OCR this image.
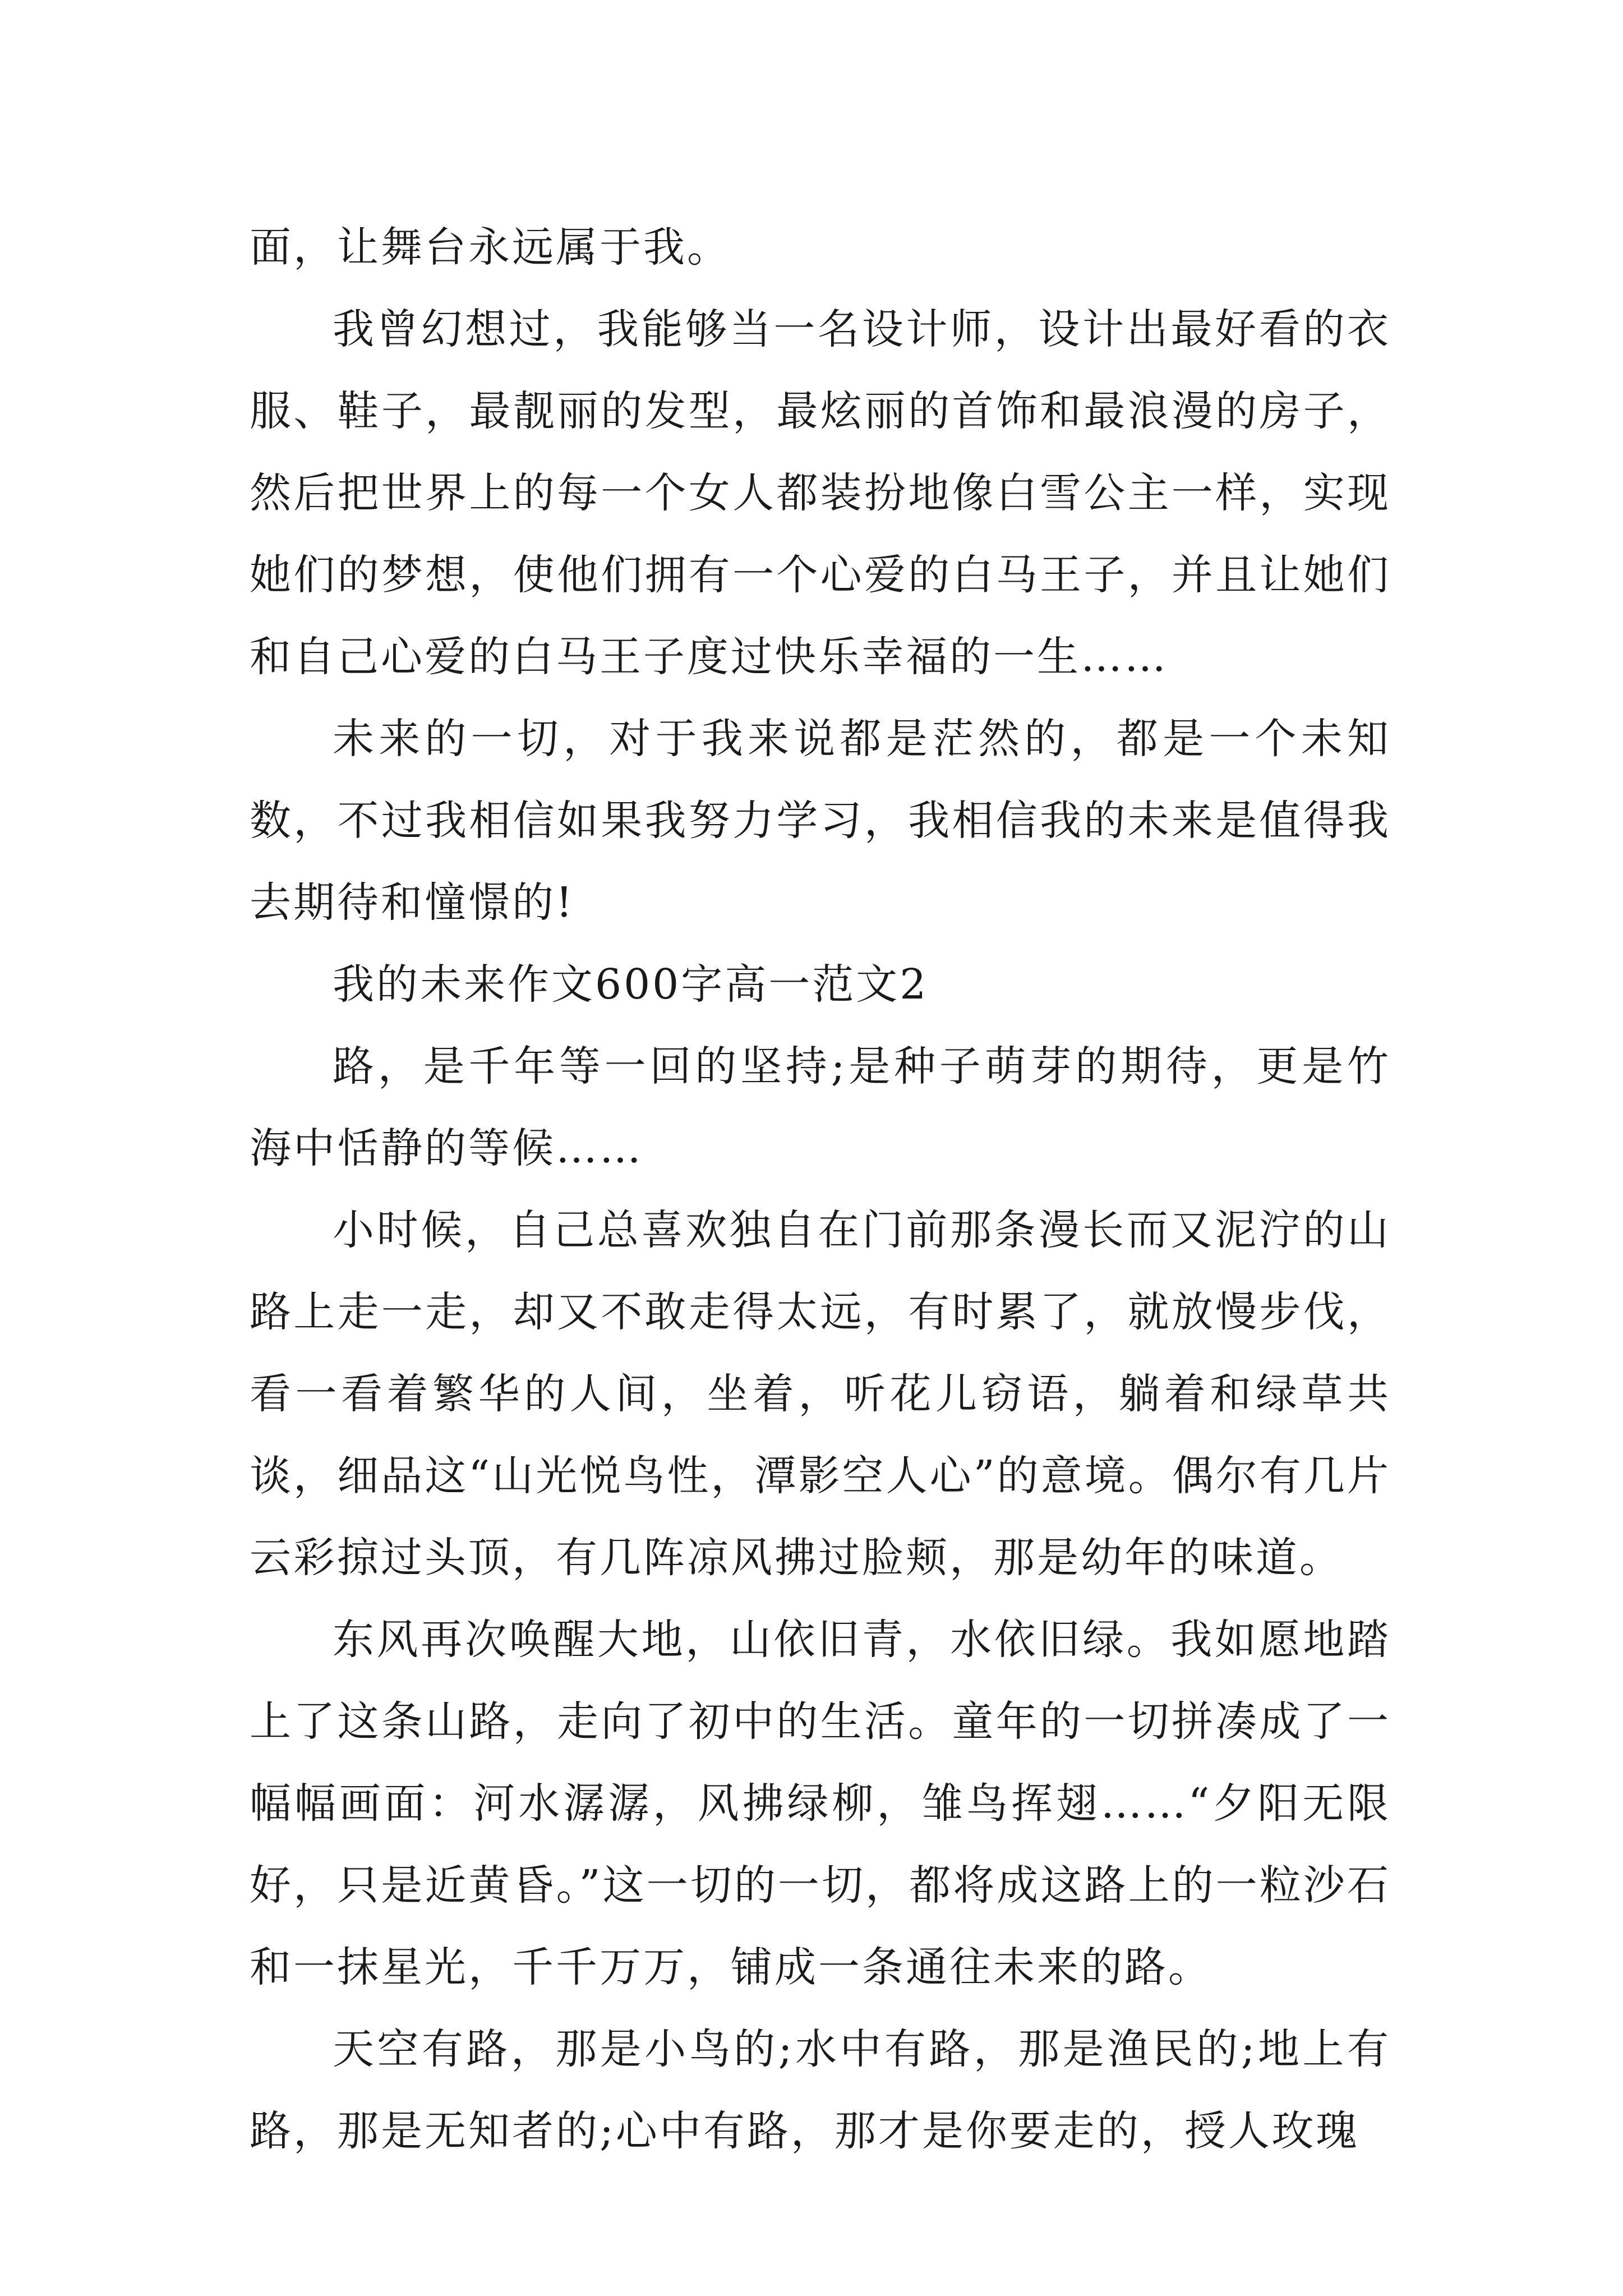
面，让舞台永远属于我。

我曾幻想过，我能够当一名设计师，设计出最好看的衣服、鞋子，最靓丽的发型，最炫丽的首饰和最浪漫的房子，然后把世界上的每一个女人都装扮地像白雪公主一样，实现她们的梦想，使他们拥有一个心爱的白马王子，并且让她们和自己心爱的白马王子度过快乐幸福的一生……

未来的一切，对于我来说都是茫然的，都是一个未知数，不过我相信如果我努力学习，我相信我的未来是值得我去期待和憧憬的!

我的未来作文600字高一范文2

路，是千年等一回的坚持;是种子萌芽的期待，更是竹海中恬静的等候……

小时候，自己总喜欢独自在门前那条漫长而又泥泞的山路上走一走，却又不敢走得太远，有时累了，就放慢步伐，看一看着繁华的人间，坐着，听花儿窃语，躺着和绿草共谈，细品这“山光悦鸟性，潭影空人心”的意境。偶尔有几片云彩掠过头顶，有几阵凉风拂过脸颊，那是幼年的味道。

东风再次唤醒大地，山依旧青，水依旧绿。我如愿地踏上了这条山路，走向了初中的生活。童年的一切拼凑成了一幅幅画面：河水潺潺，风拂绿柳，雏鸟挥翅……“夕阳无限好，只是近黄昏。”这一切的一切，都将成这路上的一粒沙石和一抹星光，千千万万，铺成一条通往未来的路。

天空有路，那是小鸟的;水中有路，那是渔民的;地上有路，那是无知者的;心中有路，那才是你要走的，授人玫瑰
